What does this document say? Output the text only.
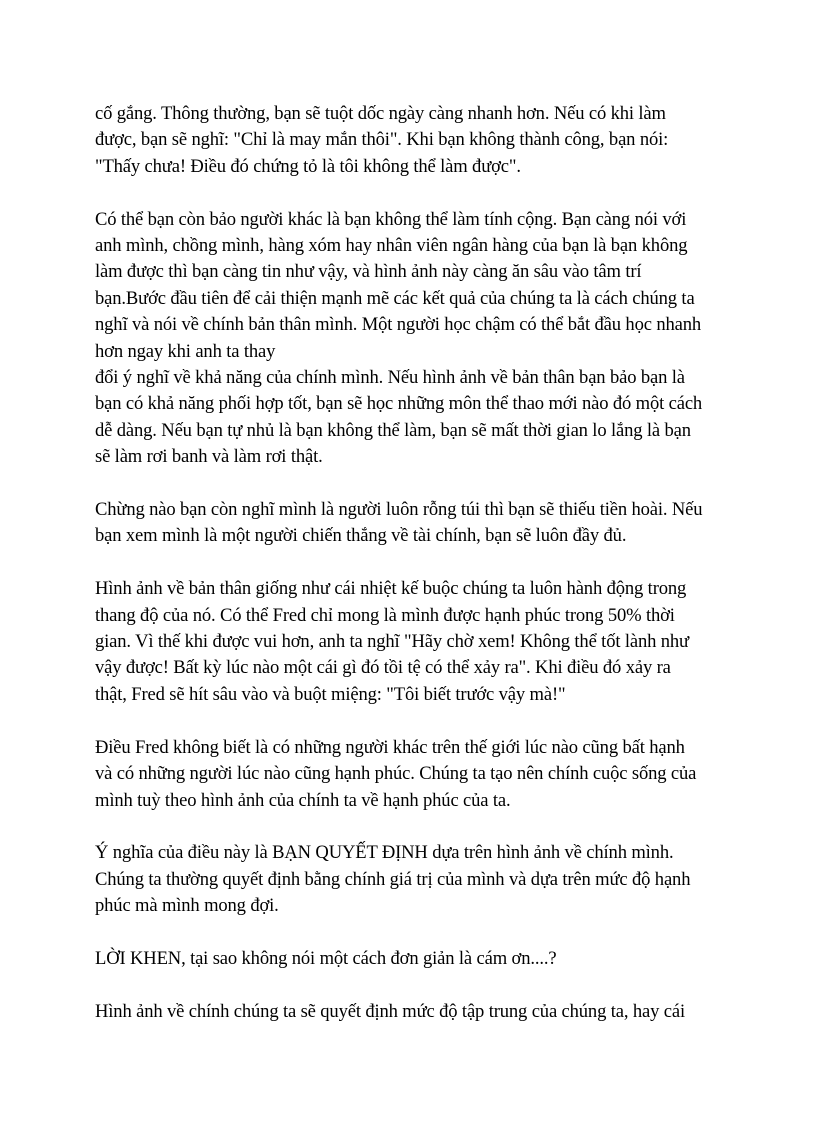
cố gắng. Thông thường, bạn sẽ tuột dốc ngày càng nhanh hơn. Nếu có khi làm
được, bạn sẽ nghĩ: "Chỉ là may mắn thôi". Khi bạn không thành công, bạn nói:
"Thấy chưa! Điều đó chứng tỏ là tôi không thể làm được".

Có thể bạn còn bảo người khác là bạn không thể làm tính cộng. Bạn càng nói với
anh mình, chồng mình, hàng xóm hay nhân viên ngân hàng của bạn là bạn không
làm được thì bạn càng tin như vậy, và hình ảnh này càng ăn sâu vào tâm trí
bạn.Bước đầu tiên để cải thiện mạnh mẽ các kết quả của chúng ta là cách chúng ta
nghĩ và nói về chính bản thân mình. Một người học chậm có thể bắt đầu học nhanh
hơn ngay khi anh ta thay
đổi ý nghĩ về khả năng của chính mình. Nếu hình ảnh về bản thân bạn bảo bạn là
bạn có khả năng phối hợp tốt, bạn sẽ học những môn thể thao mới nào đó một cách
dễ dàng. Nếu bạn tự nhủ là bạn không thể làm, bạn sẽ mất thời gian lo lắng là bạn
sẽ làm rơi banh và làm rơi thật.

Chừng nào bạn còn nghĩ mình là người luôn rỗng túi thì bạn sẽ thiếu tiền hoài. Nếu
bạn xem mình là một người chiến thắng về tài chính, bạn sẽ luôn đầy đủ.

Hình ảnh về bản thân giống như cái nhiệt kế buộc chúng ta luôn hành động trong
thang độ của nó. Có thể Fred chỉ mong là mình được hạnh phúc trong 50% thời
gian. Vì thế khi được vui hơn, anh ta nghĩ "Hãy chờ xem! Không thể tốt lành như
vậy được! Bất kỳ lúc nào một cái gì đó tồi tệ có thể xảy ra". Khi điều đó xảy ra
thật, Fred sẽ hít sâu vào và buột miệng: "Tôi biết trước vậy mà!"

Điều Fred không biết là có những người khác trên thế giới lúc nào cũng bất hạnh
và có những người lúc nào cũng hạnh phúc. Chúng ta tạo nên chính cuộc sống của
mình tuỳ theo hình ảnh của chính ta về hạnh phúc của ta.

Ý nghĩa của điều này là BẠN QUYẾT ĐỊNH dựa trên hình ảnh về chính mình.
Chúng ta thường quyết định bằng chính giá trị của mình và dựa trên mức độ hạnh
phúc mà mình mong đợi.

LỜI KHEN, tại sao không nói một cách đơn giản là cám ơn....?

Hình ảnh về chính chúng ta sẽ quyết định mức độ tập trung của chúng ta, hay cái
